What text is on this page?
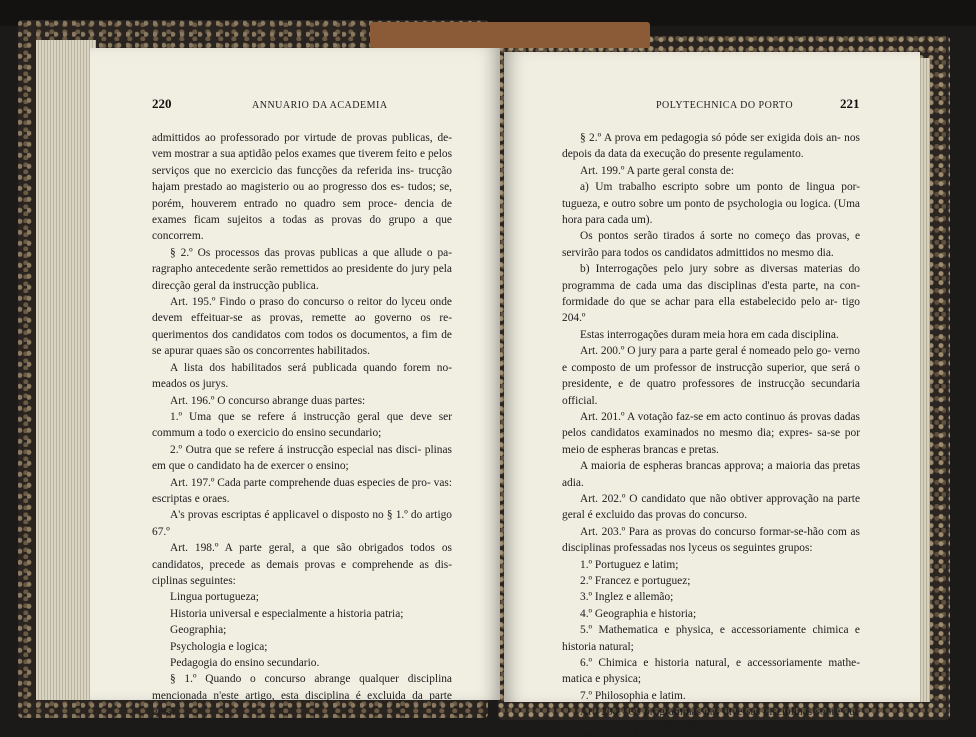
220	ANNUARIO DA ACADEMIA

admittidos ao professorado por virtude de provas publicas, de- vem mostrar a sua aptidão pelos exames que tiverem feito e pelos serviços que no exercicio das funcções da referida ins- trucção hajam prestado ao magisterio ou ao progresso dos es- tudos; se, porém, houverem entrado no quadro sem proce- dencia de exames ficam sujeitos a todas as provas do grupo a que concorrem.

§ 2.º Os processos das provas publicas a que allude o pa- ragrapho antecedente serão remettidos ao presidente do jury pela direcção geral da instrucção publica.

Art. 195.º Findo o praso do concurso o reitor do lyceu onde devem effeituar-se as provas, remette ao governo os re- querimentos dos candidatos com todos os documentos, a fim de se apurar quaes são os concorrentes habilitados.

A lista dos habilitados será publicada quando forem no- meados os jurys.

Art. 196.º O concurso abrange duas partes:

1.º Uma que se refere á instrucção geral que deve ser commum a todo o exercicio do ensino secundario;

2.º Outra que se refere á instrucção especial nas disci- plinas em que o candidato ha de exercer o ensino;

Art. 197.º Cada parte comprehende duas especies de pro- vas: escriptas e oraes.

A's provas escriptas é applicavel o disposto no § 1.º do artigo 67.º

Art. 198.º A parte geral, a que são obrigados todos os candidatos, precede as demais provas e comprehende as dis- ciplinas seguintes:

Lingua portugueza;

Historia universal e especialmente a historia patria;

Geographia;

Psychologia e logica;

Pedagogia do ensino secundario.

§ 1.º Quando o concurso abrange qualquer disciplina mencionada n'este artigo, esta disciplina é excluida da parte geral.

POLYTECHNICA DO PORTO	221

§ 2.º A prova em pedagogia só póde ser exigida dois an- nos depois da data da execução do presente regulamento.

Art. 199.º A parte geral consta de:

a) Um trabalho escripto sobre um ponto de lingua por- tugueza, e outro sobre um ponto de psychologia ou logica. (Uma hora para cada um).

Os pontos serão tirados á sorte no começo das provas, e servirão para todos os candidatos admittidos no mesmo dia.

b) Interrogações pelo jury sobre as diversas materias do programma de cada uma das disciplinas d'esta parte, na con- formidade do que se achar para ella estabelecido pelo ar- tigo 204.º

Estas interrogações duram meia hora em cada disciplina.

Art. 200.º O jury para a parte geral é nomeado pelo go- verno e composto de um professor de instrucção superior, que será o presidente, e de quatro professores de instrucção secundaria official.

Art. 201.º A votação faz-se em acto continuo ás provas dadas pelos candidatos examinados no mesmo dia; expres- sa-se por meio de espheras brancas e pretas.

A maioria de espheras brancas approva; a maioria das pretas adia.

Art. 202.º O candidato que não obtiver approvação na parte geral é excluido das provas do concurso.

Art. 203.º Para as provas do concurso formar-se-hão com as disciplinas professadas nos lyceus os seguintes grupos:

1.º Portuguez e latim;

2.º Francez e portuguez;

3.º Inglez e allemão;

4.º Geographia e historia;

5.º Mathematica e physica, e accessoriamente chimica e historia natural;

6.º Chimica e historia natural, e accessoriamente mathe- matica e physica;

7.º Philosophia e latim.

Art. 204.º Os programmas das diversas disciplinas sobre que hão de versar as provas dos candidatos são:
